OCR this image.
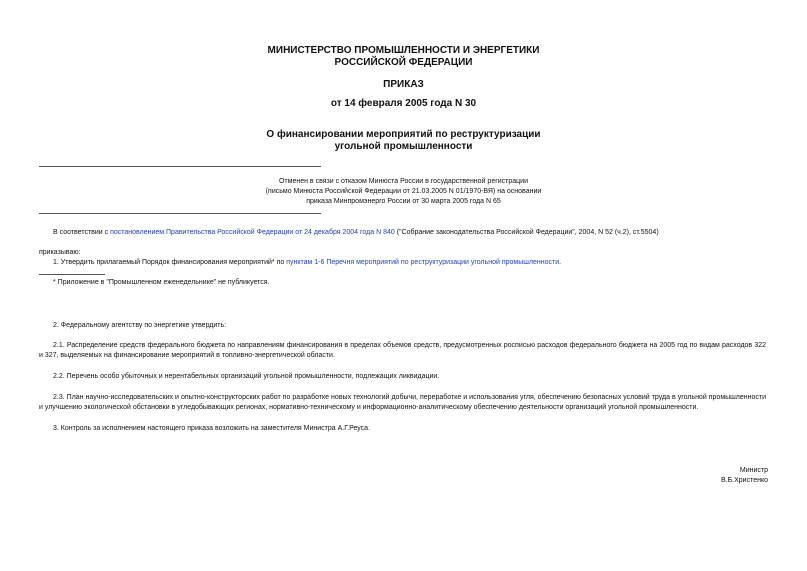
МИНИСТЕРСТВО ПРОМЫШЛЕННОСТИ И ЭНЕРГЕТИКИ
РОССИЙСКОЙ ФЕДЕРАЦИИ
ПРИКАЗ
от 14 февраля 2005 года N 30
О финансировании мероприятий по реструктуризации
угольной промышленности
Отменен в связи с отказом Минюста России в государственной регистрации
(письмо Минюста Российской Федерации от 21.03.2005 N 01/1970-ВЯ) на основании
приказа Минпромэнерго России от 30 марта 2005 года N 65
В соответствии с постановлением Правительства Российской Федерации от 24 декабря 2004 года N 840 ("Собрание законодательства Российской Федерации", 2004, N 52 (ч.2), ст.5504)
приказываю:
1. Утвердить прилагаемый Порядок финансирования мероприятий* по пунктам 1-6 Перечня мероприятий по реструктуризации угольной промышленности.
* Приложение в "Промышленном еженедельнике" не публикуется.
2. Федеральному агентству по энергетике утвердить:
2.1. Распределение средств федерального бюджета по направлениям финансирования в пределах объемов средств, предусмотренных росписью расходов федерального бюджета на 2005 год по видам расходов 322 и 327, выделяемых на финансирование мероприятий в топливно-энергетической области.
2.2. Перечень особо убыточных и нерентабельных организаций угольной промышленности, подлежащих ликвидации.
2.3. План научно-исследовательских и опытно-конструкторских работ по разработке новых технологий добычи, переработке и использования угля, обеспечению безопасных условий труда в угольной промышленности и улучшению экологической обстановки в угледобывающих регионах, нормативно-техническому и информационно-аналитическому обеспечению деятельности организаций угольной промышленности.
3. Контроль за исполнением настоящего приказа возложить на заместителя Министра А.Г.Реуса.
Министр
В.Б.Христенко
